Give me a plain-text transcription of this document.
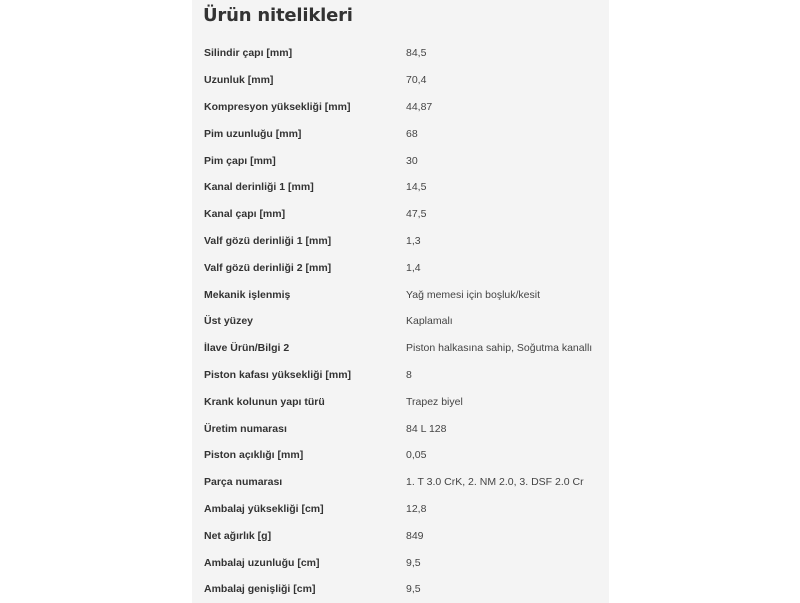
Ürün nitelikleri
Silindir çapı [mm]	84,5
Uzunluk [mm]	70,4
Kompresyon yüksekliği [mm]	44,87
Pim uzunluğu [mm]	68
Pim çapı [mm]	30
Kanal derinliği 1 [mm]	14,5
Kanal çapı [mm]	47,5
Valf gözü derinliği 1 [mm]	1,3
Valf gözü derinliği 2 [mm]	1,4
Mekanik işlenmiş	Yağ memesi için boşluk/kesit
Üst yüzey	Kaplamalı
İlave Ürün/Bilgi 2	Piston halkasına sahip, Soğutma kanallı
Piston kafası yüksekliği [mm]	8
Krank kolunun yapı türü	Trapez biyel
Üretim numarası	84 L 128
Piston açıklığı [mm]	0,05
Parça numarası	1. T 3.0 CrK, 2. NM 2.0, 3. DSF 2.0 Cr
Ambalaj yüksekliği [cm]	12,8
Net ağırlık [g]	849
Ambalaj uzunluğu [cm]	9,5
Ambalaj genişliği [cm]	9,5
